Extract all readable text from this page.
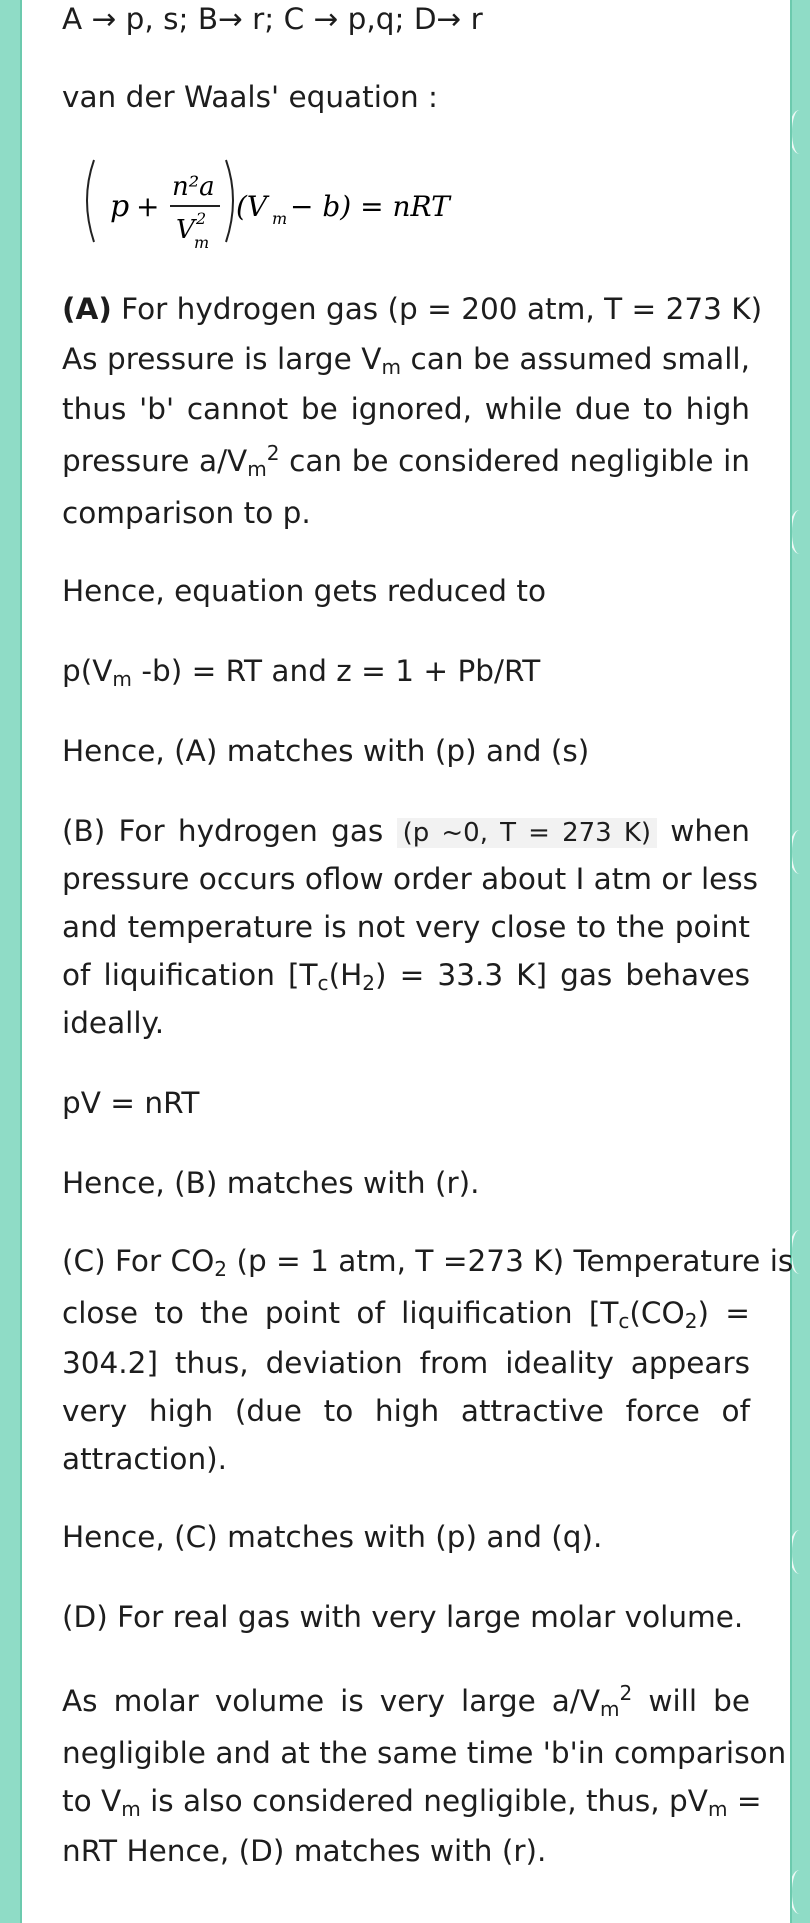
A → p, s; B→ r; C → p,q; D→ r
van der Waals' equation :
p +
n²a
V 2
m
(V m − b) = nRT
(A) For hydrogen gas (p = 200 atm, T = 273 K)
As pressure is large $V_m$ can be assumed small,
thus 'b' cannot be ignored, while due to high
pressure $a/V_m^2$ can be considered negligible in
comparison to p.
Hence, equation gets reduced to
$p(V_m$ -b) = RT and z = 1 + Pb/RT
Hence, (A) matches with (p) and (s)
(B) For hydrogen gas (p ~0, T = 273 K) when
pressure occurs oflow order about I atm or less
and temperature is not very close to the point
of liquification [$T_c(H_2) = 33.3$ K] gas behaves
ideally.
pV = nRT
Hence, (B) matches with (r).
(C) For $CO_2$ (p = 1 atm, T =273 K) Temperature is
close to the point of liquification [$T_c(CO_2)$ =
304.2] thus, deviation from ideality appears
very high (due to high attractive force of
attraction).
Hence, (C) matches with (p) and (q).
(D) For real gas with very large molar volume.
As molar volume is very large $a/V_m^2$ will be
negligible and at the same time 'b'in comparison
to $V_m$ is also considered negligible, thus, $pV_m$ =
nRT Hence, (D) matches with (r).
